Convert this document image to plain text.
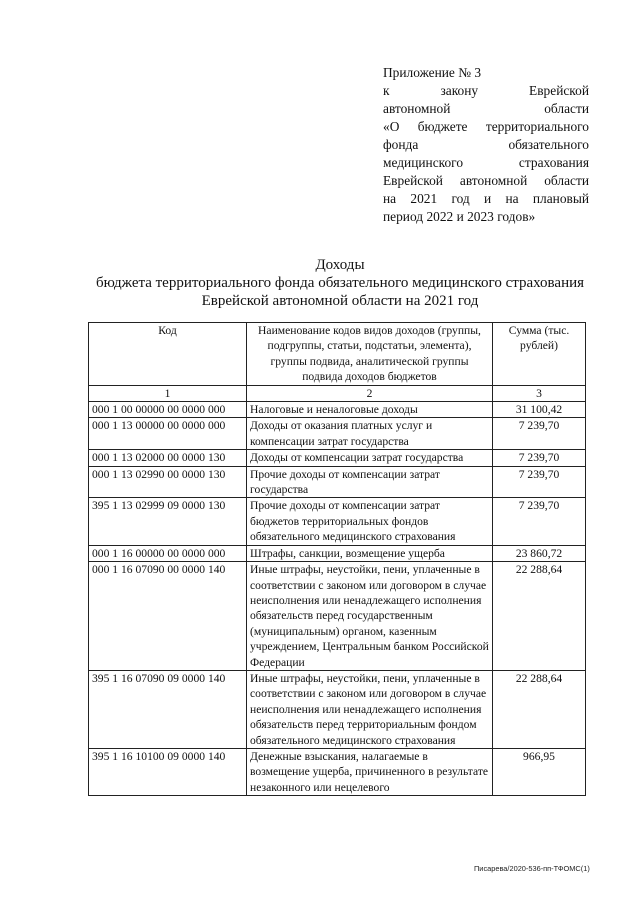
Приложение № 3
к закону Еврейской
автономной области
«О бюджете территориального
фонда обязательного
медицинского страхования
Еврейской автономной области
на 2021 год и на плановый
период 2022 и 2023 годов»
Доходы
бюджета территориального фонда обязательного медицинского страхования
Еврейской автономной области на 2021 год
Код	Наименование кодов видов доходов (группы, подгруппы, статьи, подстатьи, элемента), группы подвида, аналитической группы подвида доходов бюджетов	Сумма (тыс. рублей)
1	2	3
000 1 00 00000 00 0000 000	Налоговые и неналоговые доходы	31 100,42
000 1 13 00000 00 0000 000	Доходы от оказания платных услуг и компенсации затрат государства	7 239,70
000 1 13 02000 00 0000 130	Доходы от компенсации затрат государства	7 239,70
000 1 13 02990 00 0000 130	Прочие доходы от компенсации затрат государства	7 239,70
395 1 13 02999 09 0000 130	Прочие доходы от компенсации затрат бюджетов территориальных фондов обязательного медицинского страхования	7 239,70
000 1 16 00000 00 0000 000	Штрафы, санкции, возмещение ущерба	23 860,72
000 1 16 07090 00 0000 140	Иные штрафы, неустойки, пени, уплаченные в соответствии с законом или договором в случае неисполнения или ненадлежащего исполнения обязательств перед государственным (муниципальным) органом, казенным учреждением, Центральным банком Российской Федерации	22 288,64
395 1 16 07090 09 0000 140	Иные штрафы, неустойки, пени, уплаченные в соответствии с законом или договором в случае неисполнения или ненадлежащего исполнения обязательств перед территориальным фондом обязательного медицинского страхования	22 288,64
395 1 16 10100 09 0000 140	Денежные взыскания, налагаемые в возмещение ущерба, причиненного в результате незаконного или нецелевого	966,95
Писарева/2020-536-пп-ТФОМС(1)
